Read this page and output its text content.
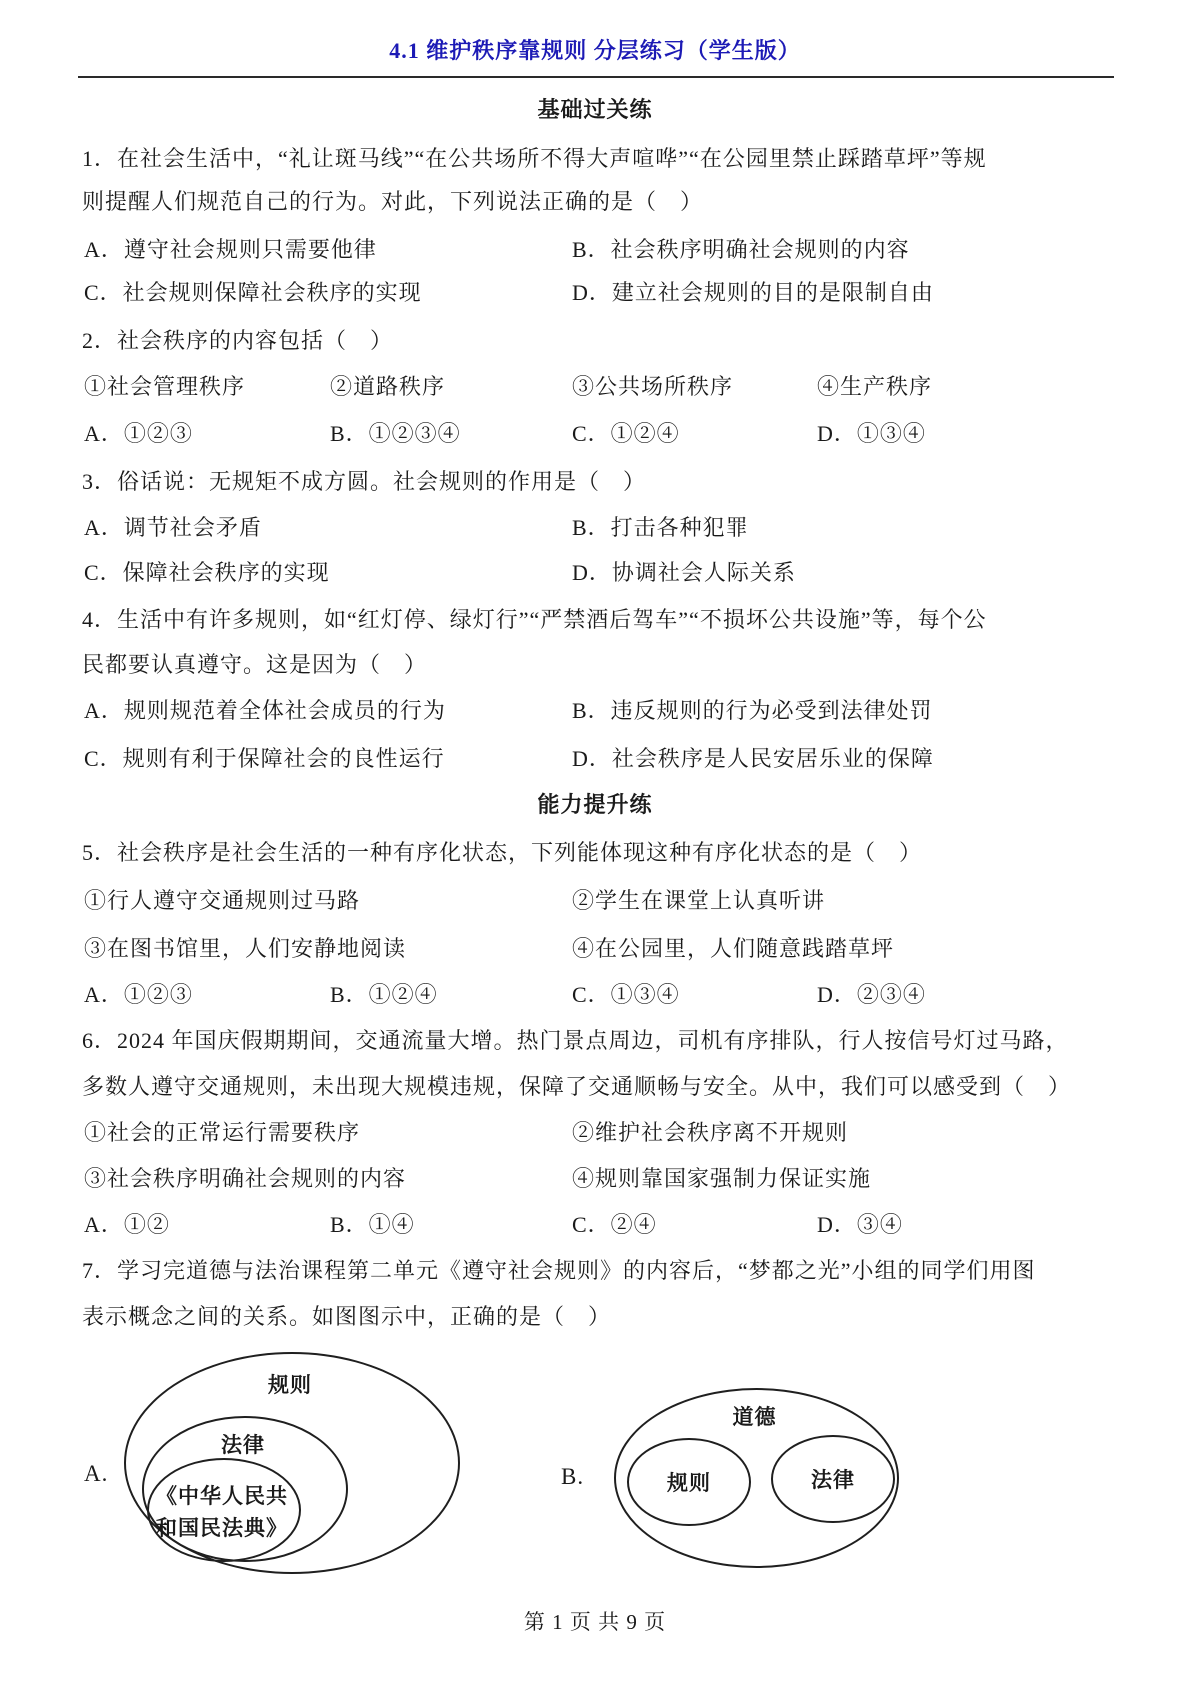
4.1 维护秩序靠规则 分层练习（学生版）
基础过关练
1．在社会生活中，“礼让斑马线”“在公共场所不得大声喧哗”“在公园里禁止踩踏草坪”等规
则提醒人们规范自己的行为。对此，下列说法正确的是（　）
A．遵守社会规则只需要他律	B．社会秩序明确社会规则的内容
C．社会规则保障社会秩序的实现	D．建立社会规则的目的是限制自由
2．社会秩序的内容包括（　）
①社会管理秩序	②道路秩序	③公共场所秩序	④生产秩序
A．①②③	B．①②③④	C．①②④	D．①③④
3．俗话说：无规矩不成方圆。社会规则的作用是（　）
A．调节社会矛盾	B．打击各种犯罪
C．保障社会秩序的实现	D．协调社会人际关系
4．生活中有许多规则，如“红灯停、绿灯行”“严禁酒后驾车”“不损坏公共设施”等，每个公
民都要认真遵守。这是因为（　）
A．规则规范着全体社会成员的行为	B．违反规则的行为必受到法律处罚
C．规则有利于保障社会的良性运行	D．社会秩序是人民安居乐业的保障
能力提升练
5．社会秩序是社会生活的一种有序化状态，下列能体现这种有序化状态的是（　）
①行人遵守交通规则过马路	②学生在课堂上认真听讲
③在图书馆里，人们安静地阅读	④在公园里，人们随意践踏草坪
A．①②③	B．①②④	C．①③④	D．②③④
6．2024 年国庆假期期间，交通流量大增。热门景点周边，司机有序排队，行人按信号灯过马路，
多数人遵守交通规则，未出现大规模违规，保障了交通顺畅与安全。从中，我们可以感受到（　）
①社会的正常运行需要秩序	②维护社会秩序离不开规则
③社会秩序明确社会规则的内容	④规则靠国家强制力保证实施
A．①②	B．①④	C．②④	D．③④
7．学习完道德与法治课程第二单元《遵守社会规则》的内容后，“梦都之光”小组的同学们用图
表示概念之间的关系。如图图示中，正确的是（　）
A.
规则
法律
《中华人民共
和国民法典》
B.
道德
规则	法律
第 1 页 共 9 页
